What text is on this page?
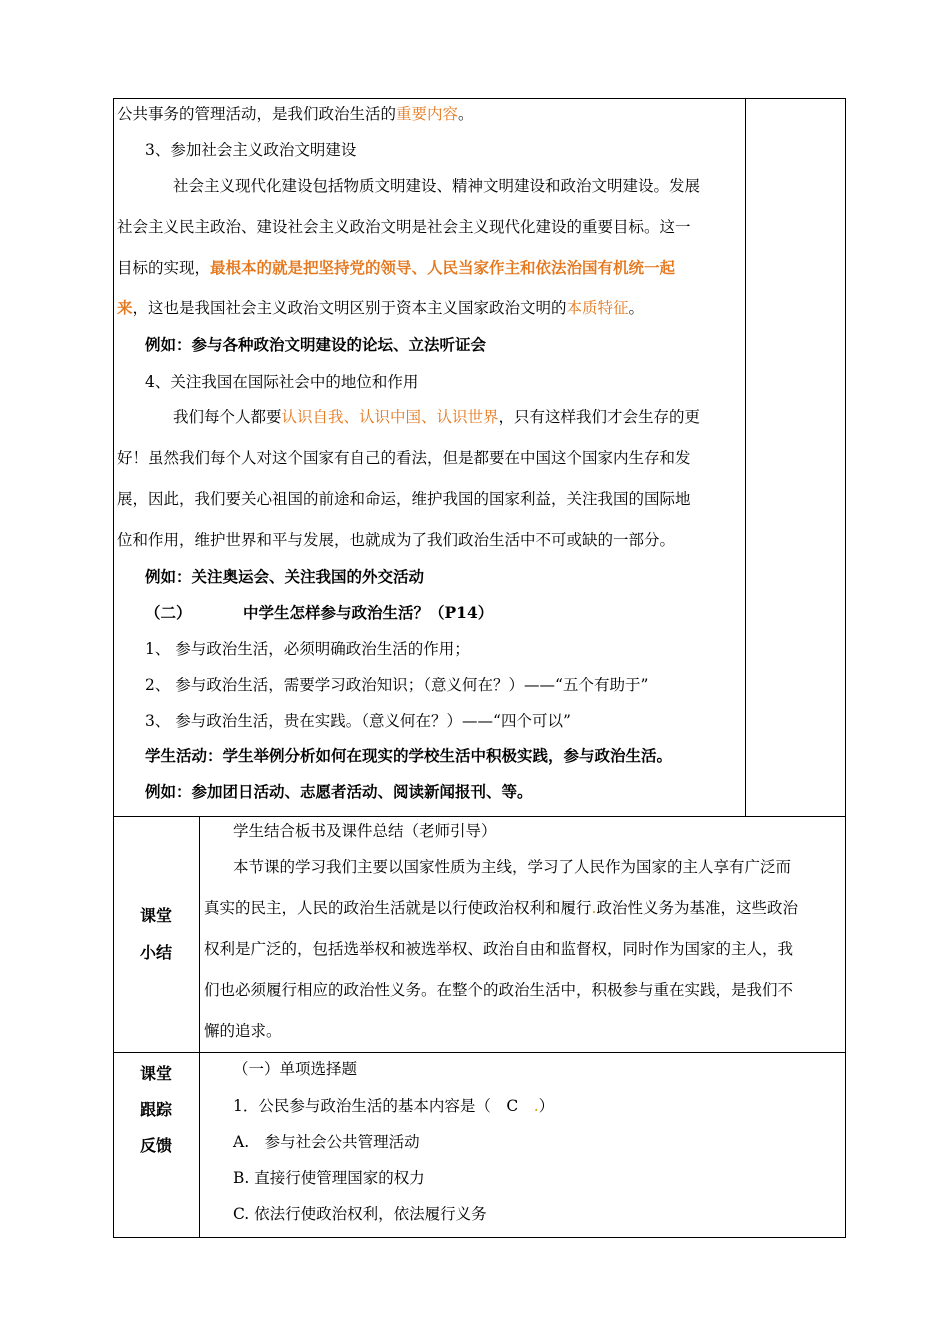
公共事务的管理活动，是我们政治生活的重要内容。
3、参加社会主义政治文明建设
社会主义现代化建设包括物质文明建设、精神文明建设和政治文明建设。发展
社会主义民主政治、建设社会主义政治文明是社会主义现代化建设的重要目标。这一
目标的实现，最根本的就是把坚持党的领导、人民当家作主和依法治国有机统一起
来，这也是我国社会主义政治文明区别于资本主义国家政治文明的本质特征。
例如：参与各种政治文明建设的论坛、立法听证会
4、关注我国在国际社会中的地位和作用
我们每个人都要认识自我、认识中国、认识世界，只有这样我们才会生存的更
好！虽然我们每个人对这个国家有自己的看法，但是都要在中国这个国家内生存和发
展，因此，我们要关心祖国的前途和命运，维护我国的国家利益，关注我国的国际地
位和作用，维护世界和平与发展，也就成为了我们政治生活中不可或缺的一部分。
例如：关注奥运会、关注我国的外交活动
（二）	中学生怎样参与政治生活？（P14）
1、 参与政治生活，必须明确政治生活的作用；
2、 参与政治生活，需要学习政治知识；（意义何在？）——“五个有助于”
3、 参与政治生活，贵在实践。（意义何在？）——“四个可以”
学生活动：学生举例分析如何在现实的学校生活中积极实践，参与政治生活。
例如：参加团日活动、志愿者活动、阅读新闻报刊、等。
课堂
小结
学生结合板书及课件总结（老师引导）
本节课的学习我们主要以国家性质为主线，学习了人民作为国家的主人享有广泛而
真实的民主，人民的政治生活就是以行使政治权利和履行.政治性义务为基准，这些政治
权利是广泛的，包括选举权和被选举权、政治自由和监督权，同时作为国家的主人，我
们也必须履行相应的政治性义务。在整个的政治生活中，积极参与重在实践，是我们不
懈的追求。
课堂
跟踪
反馈
（一）单项选择题
1．公民参与政治生活的基本内容是（　C　.）
A.　参与社会公共管理活动
B. 直接行使管理国家的权力
C. 依法行使政治权利，依法履行义务
